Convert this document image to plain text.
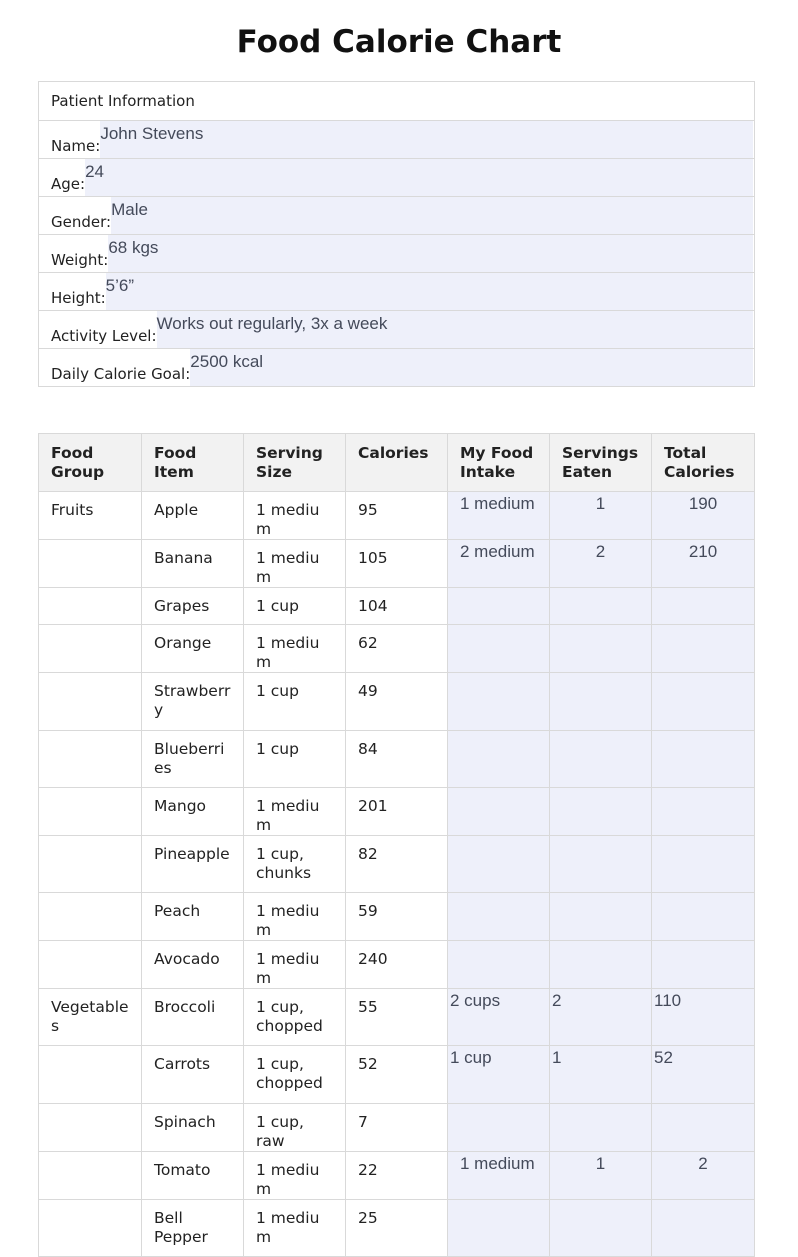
Food Calorie Chart
Patient Information

Name:
John Stevens

Age:
24

Gender:
Male

Weight:
68 kgs

Height:
5’6”

Activity Level:
Works out regularly, 3x a week

Daily Calorie Goal:
2500 kcal
Food Group	Food Item	Serving Size	Calories	My Food Intake	Servings Eaten	Total Calories
Fruits	Apple	1 medium	95	1 medium	1	190
	Banana	1 medium	105	2 medium	2	210
	Grapes	1 cup	104			
	Orange	1 medium	62			
	Strawberry	1 cup	49			
	Blueberries	1 cup	84			
	Mango	1 medium	201			
	Pineapple	1 cup, chunks	82			
	Peach	1 medium	59			
	Avocado	1 medium	240			
Vegetables	Broccoli	1 cup, chopped	55	2 cups	2	110
	Carrots	1 cup, chopped	52	1 cup	1	52
	Spinach	1 cup, raw	7			
	Tomato	1 medium	22	1 medium	1	2
	Bell Pepper	1 medium	25			
